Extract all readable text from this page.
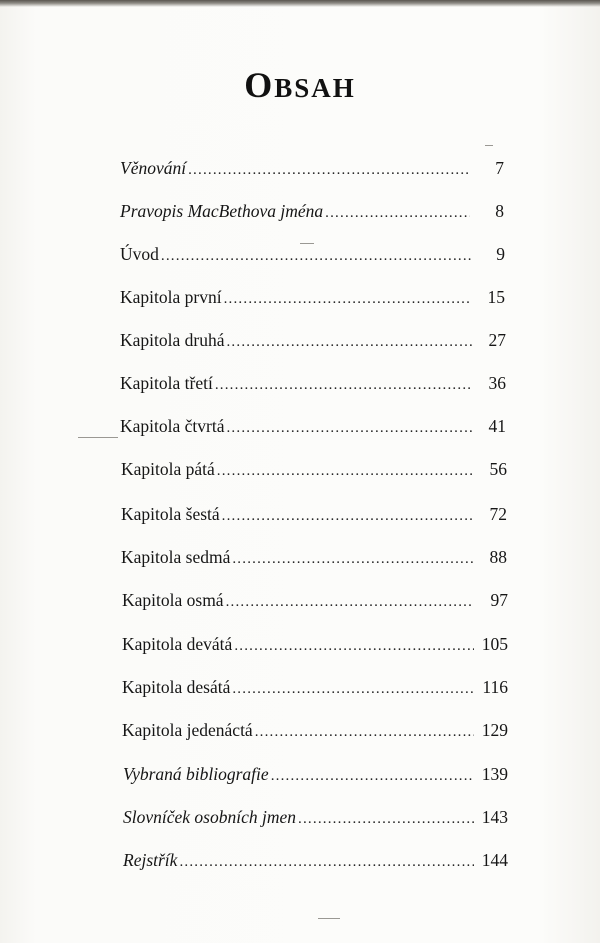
OBSAH
Věnování .....	7
Pravopis MacBethova jména .....	8
Úvod .....	9
Kapitola první .....	15
Kapitola druhá .....	27
Kapitola třetí .....	36
Kapitola čtvrtá .....	41
Kapitola pátá .....	56
Kapitola šestá .....	72
Kapitola sedmá .....	88
Kapitola osmá .....	97
Kapitola devátá .....	105
Kapitola desátá .....	116
Kapitola jedenáctá .....	129
Vybraná bibliografie .....	139
Slovníček osobních jmen .....	143
Rejstřík .....	144
